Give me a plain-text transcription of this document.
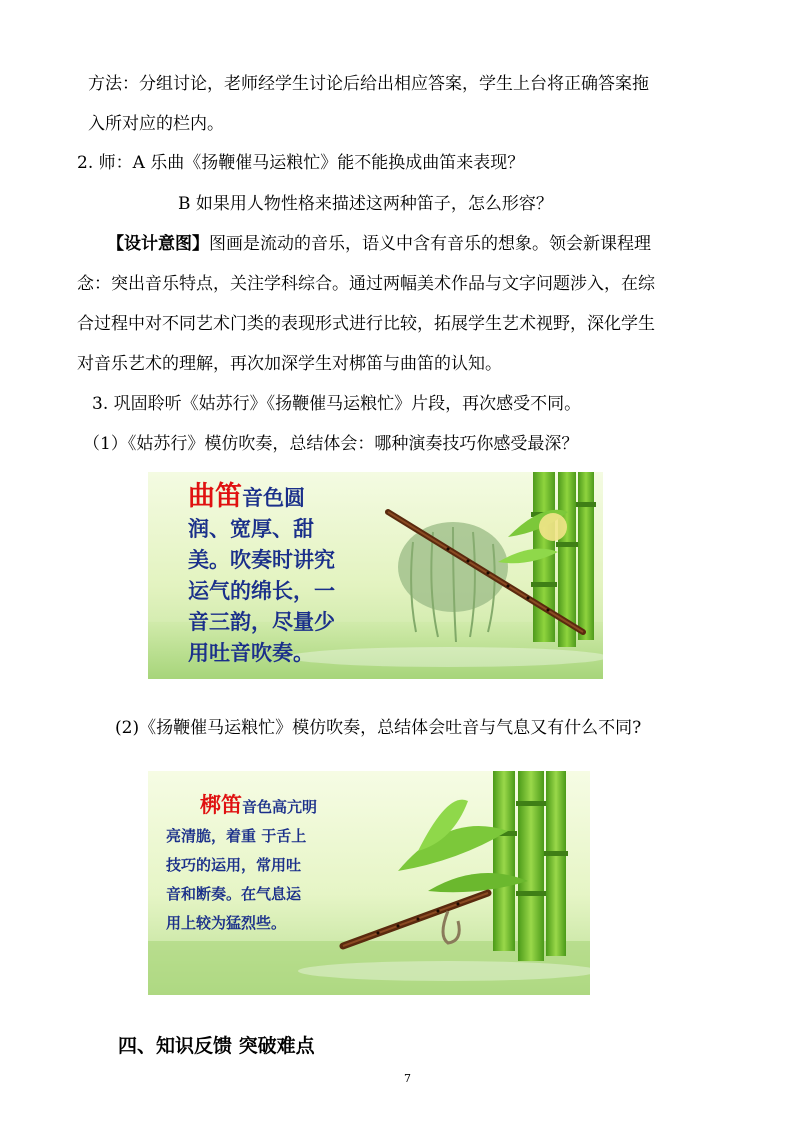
方法：分组讨论，老师经学生讨论后给出相应答案，学生上台将正确答案拖
入所对应的栏内。
2. 师：A 乐曲《扬鞭催马运粮忙》能不能换成曲笛来表现？
B 如果用人物性格来描述这两种笛子，怎么形容？
【设计意图】图画是流动的音乐，语义中含有音乐的想象。领会新课程理
念：突出音乐特点，关注学科综合。通过两幅美术作品与文字问题涉入，在综
合过程中对不同艺术门类的表现形式进行比较，拓展学生艺术视野，深化学生
对音乐艺术的理解，再次加深学生对梆笛与曲笛的认知。
3. 巩固聆听《姑苏行》《扬鞭催马运粮忙》片段，再次感受不同。
（1）《姑苏行》模仿吹奏，总结体会：哪种演奏技巧你感受最深？
曲笛音色圆
润、宽厚、甜
美。吹奏时讲究
运气的绵长，一
音三韵，尽量少
用吐音吹奏。
(2)《扬鞭催马运粮忙》模仿吹奏，总结体会吐音与气息又有什么不同?
梆笛音色高亢明
亮清脆，着重 于舌上
技巧的运用，常用吐
音和断奏。在气息运
用上较为猛烈些。
四、知识反馈 突破难点
7
